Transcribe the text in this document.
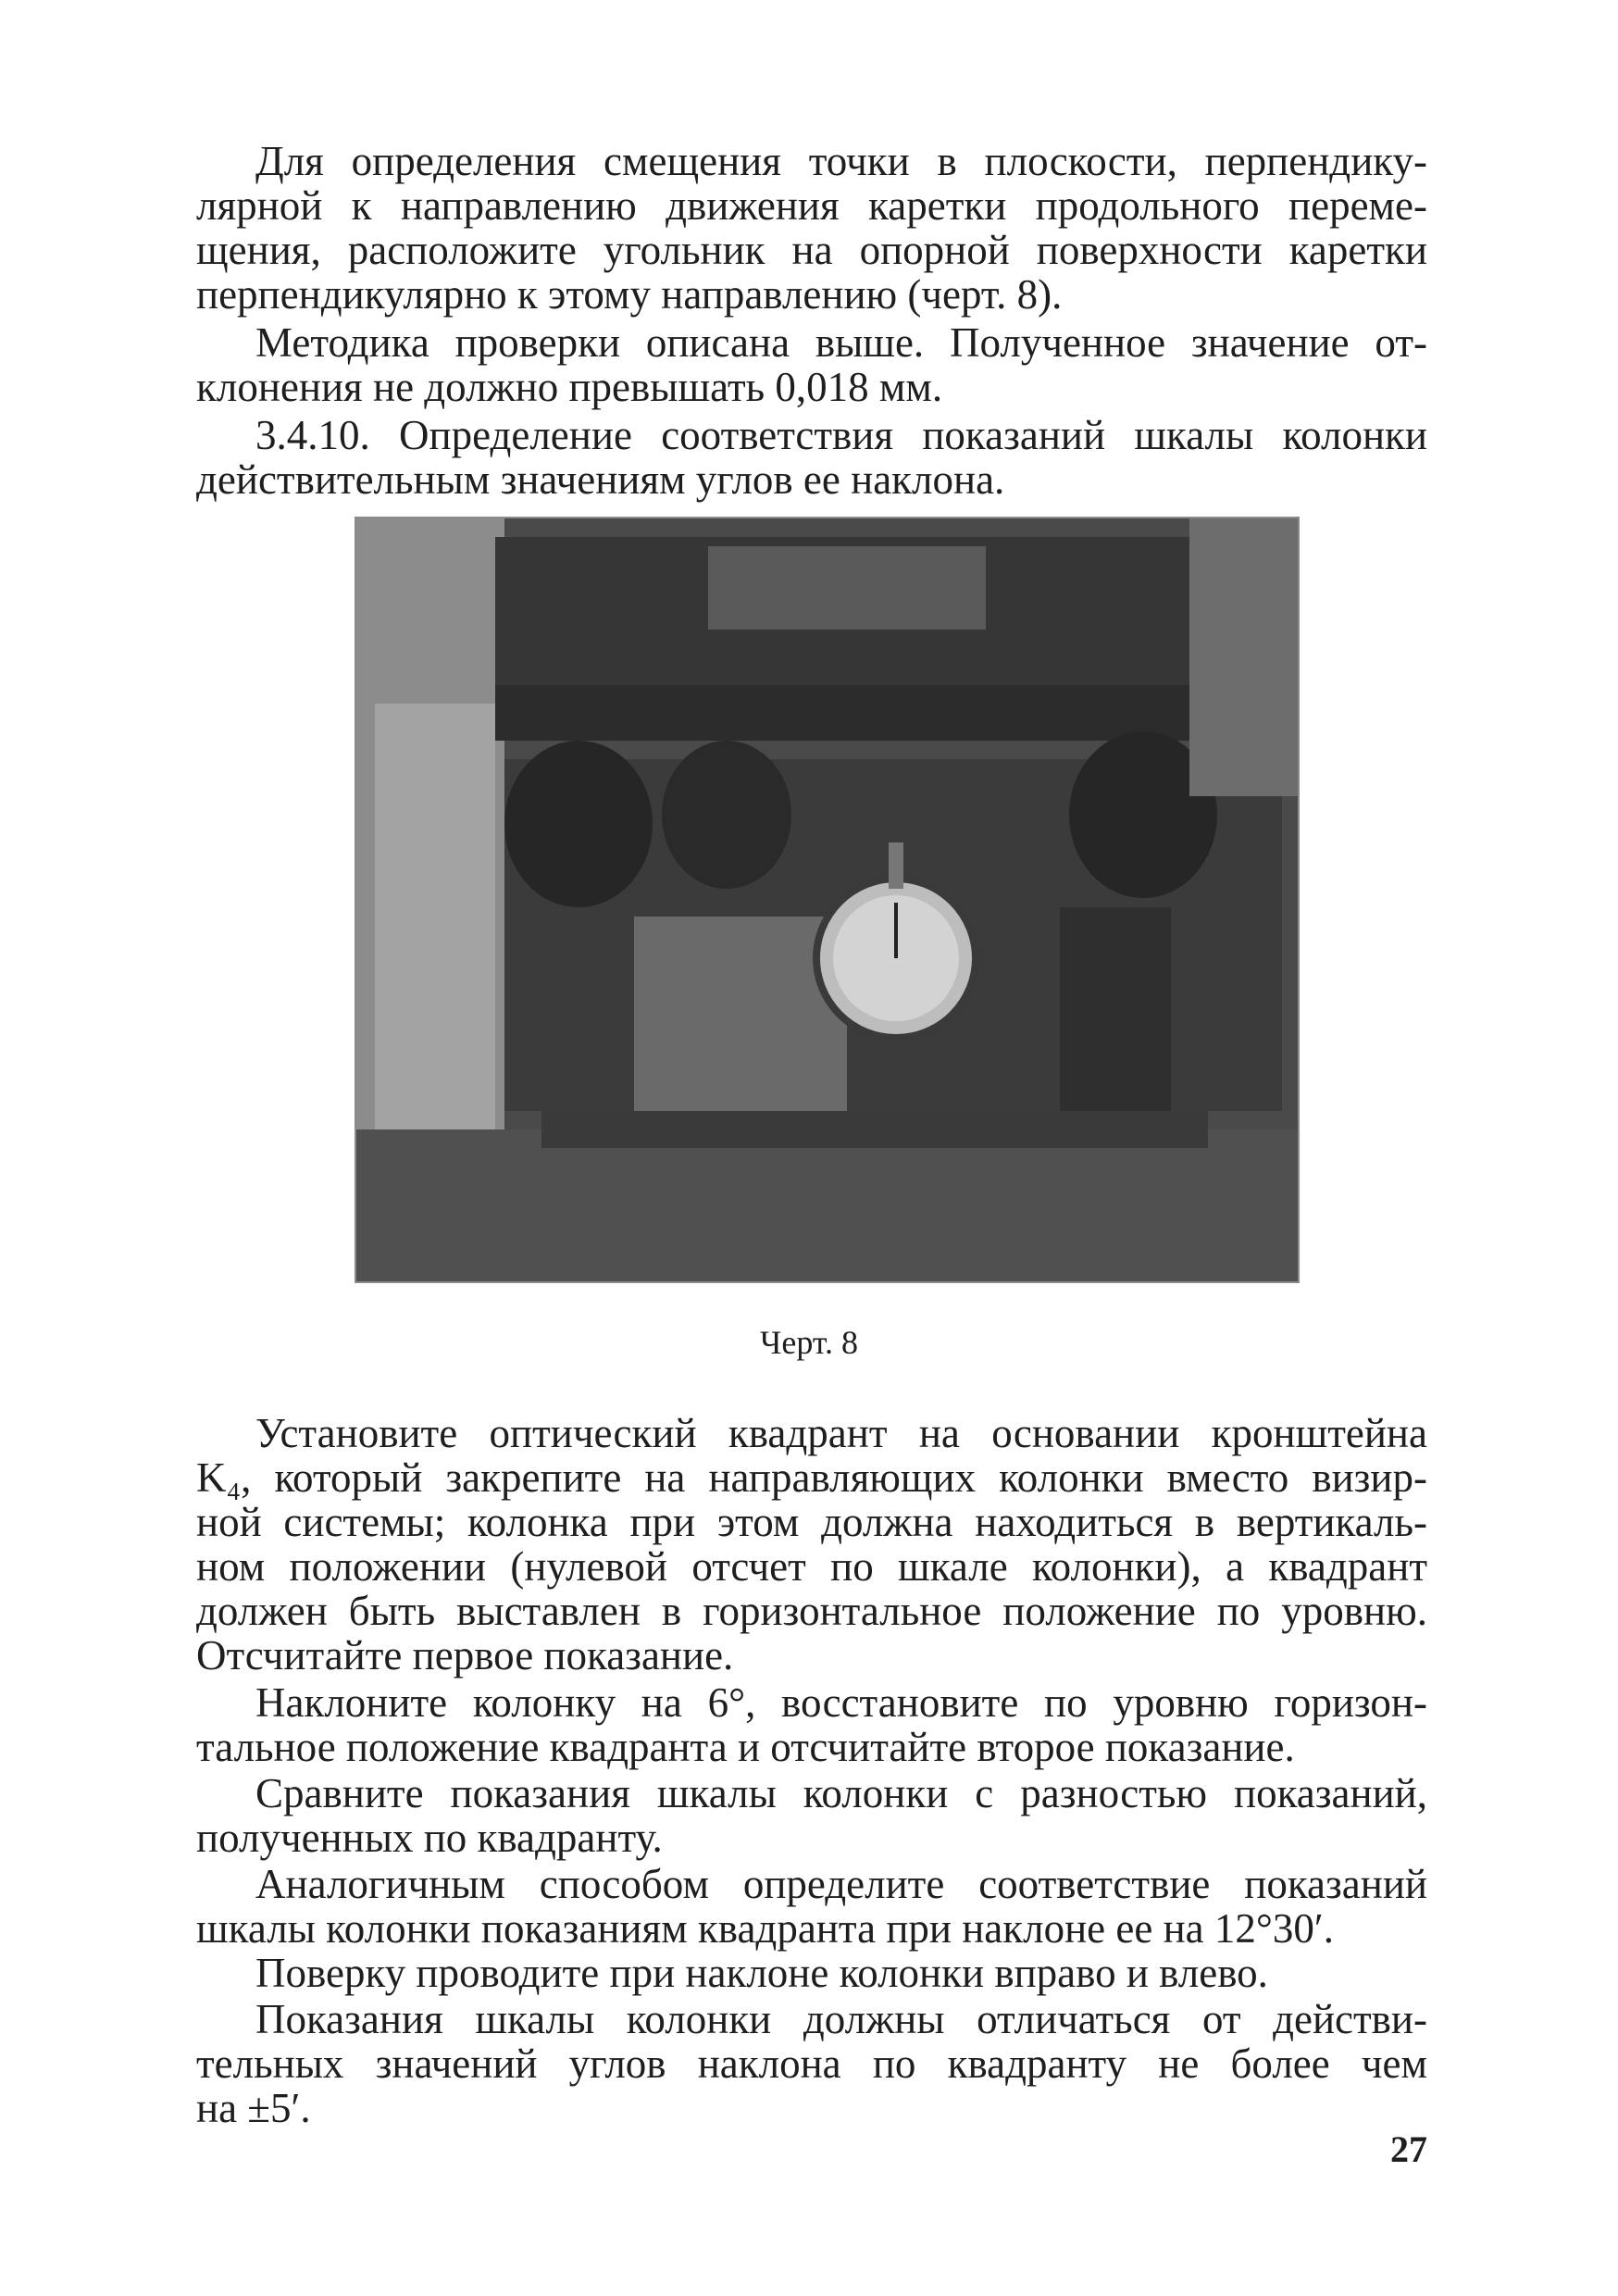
Для определения смещения точки в плоскости, перпендику-
лярной к направлению движения каретки продольного переме-
щения, расположите угольник на опорной поверхности каретки
перпендикулярно к этому направлению (черт. 8).
Методика проверки описана выше. Полученное значение от-
клонения не должно превышать 0,018 мм.
3.4.10. Определение соответствия показаний шкалы колонки
действительным значениям углов ее наклона.
Черт. 8
Установите оптический квадрант на основании кронштейна
K₄, который закрепите на направляющих колонки вместо визир-
ной системы; колонка при этом должна находиться в вертикаль-
ном положении (нулевой отсчет по шкале колонки), а квадрант
должен быть выставлен в горизонтальное положение по уровню.
Отсчитайте первое показание.
Наклоните колонку на 6°, восстановите по уровню горизон-
тальное положение квадранта и отсчитайте второе показание.
Сравните показания шкалы колонки с разностью показаний,
полученных по квадранту.
Аналогичным способом определите соответствие показаний
шкалы колонки показаниям квадранта при наклоне ее на 12°30′.
Поверку проводите при наклоне колонки вправо и влево.
Показания шкалы колонки должны отличаться от действи-
тельных значений углов наклона по квадранту не более чем
на ±5′.
27
